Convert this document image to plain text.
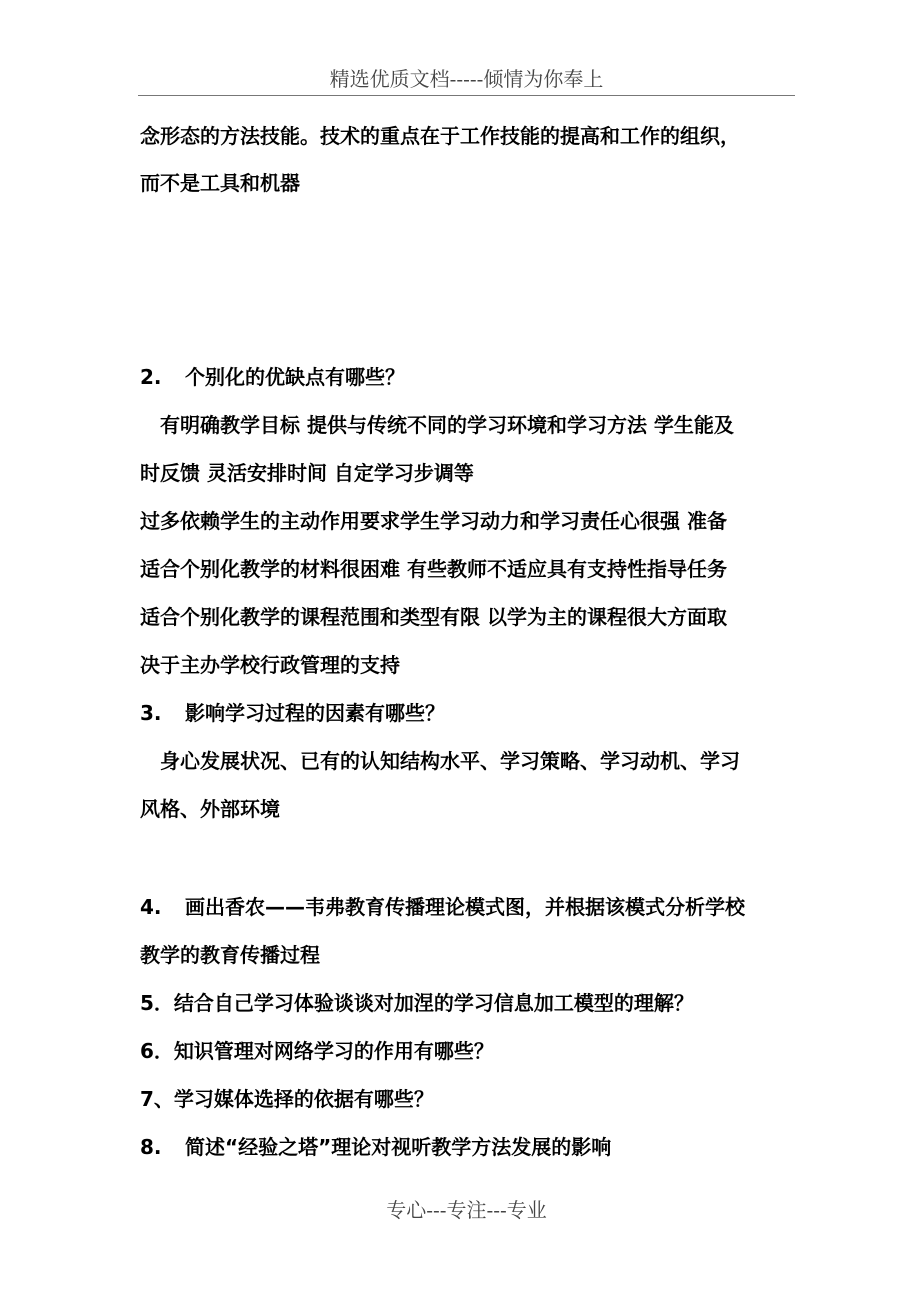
精选优质文档-----倾情为你奉上
念形态的方法技能。技术的重点在于工作技能的提高和工作的组织，
而不是工具和机器
2. 个别化的优缺点有哪些？
有明确教学目标 提供与传统不同的学习环境和学习方法 学生能及
时反馈 灵活安排时间 自定学习步调等
过多依赖学生的主动作用要求学生学习动力和学习责任心很强 准备
适合个别化教学的材料很困难 有些教师不适应具有支持性指导任务
适合个别化教学的课程范围和类型有限 以学为主的课程很大方面取
决于主办学校行政管理的支持
3. 影响学习过程的因素有哪些？
身心发展状况、已有的认知结构水平、学习策略、学习动机、学习
风格、外部环境
4. 画出香农——韦弗教育传播理论模式图，并根据该模式分析学校
教学的教育传播过程
5．结合自己学习体验谈谈对加涅的学习信息加工模型的理解？
6．知识管理对网络学习的作用有哪些？
7、学习媒体选择的依据有哪些？
8. 简述“经验之塔”理论对视听教学方法发展的影响
专心---专注---专业
